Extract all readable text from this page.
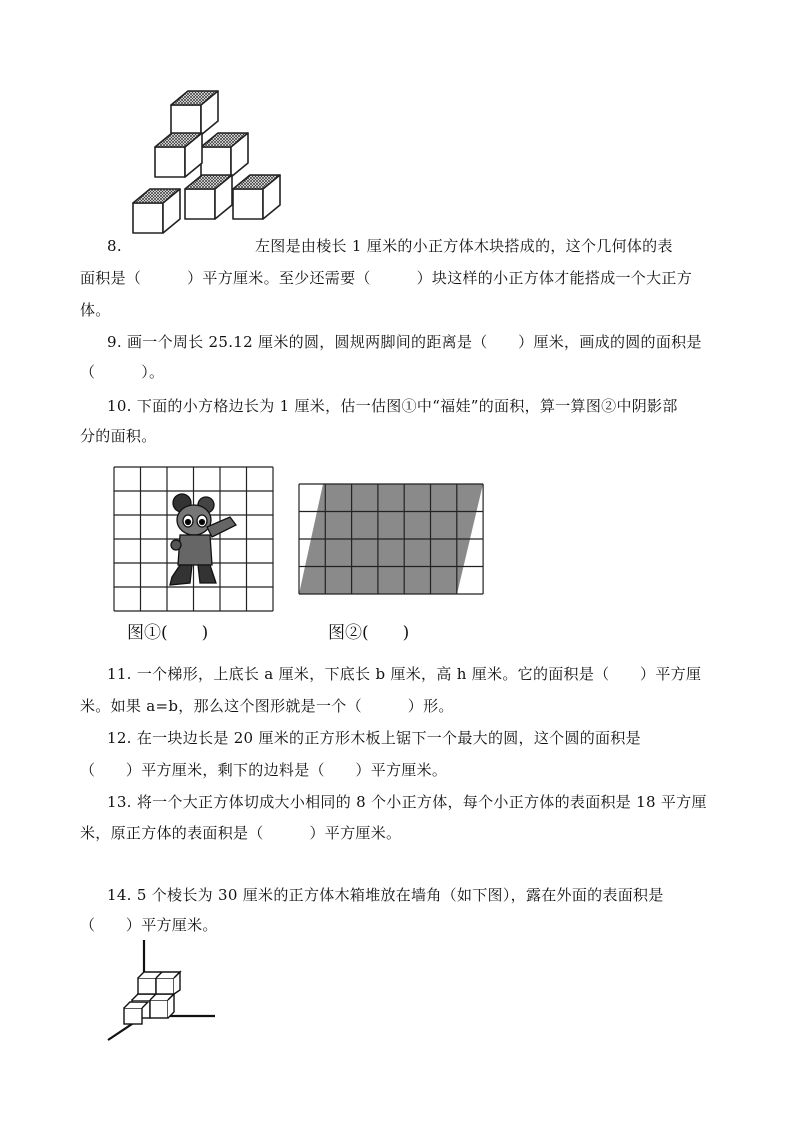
8.	左图是由棱长 1 厘米的小正方体木块搭成的，这个几何体的表
面积是（　　　）平方厘米。至少还需要（　　　）块这样的小正方体才能搭成一个大正方
体。
9. 画一个周长 25.12 厘米的圆，圆规两脚间的距离是（　　）厘米，画成的圆的面积是
（　　　）。
10. 下面的小方格边长为 1 厘米，估一估图①中“福娃”的面积，算一算图②中阴影部
分的面积。
图①(　　)	图②(　　)
11. 一个梯形，上底长 a 厘米，下底长 b 厘米，高 h 厘米。它的面积是（　　）平方厘
米。如果 a=b，那么这个图形就是一个（　　　）形。
12. 在一块边长是 20 厘米的正方形木板上锯下一个最大的圆，这个圆的面积是
（　　）平方厘米，剩下的边料是（　　）平方厘米。
13. 将一个大正方体切成大小相同的 8 个小正方体，每个小正方体的表面积是 18 平方厘
米，原正方体的表面积是（　　　）平方厘米。
14. 5 个棱长为 30 厘米的正方体木箱堆放在墙角（如下图），露在外面的表面积是
（　　）平方厘米。
